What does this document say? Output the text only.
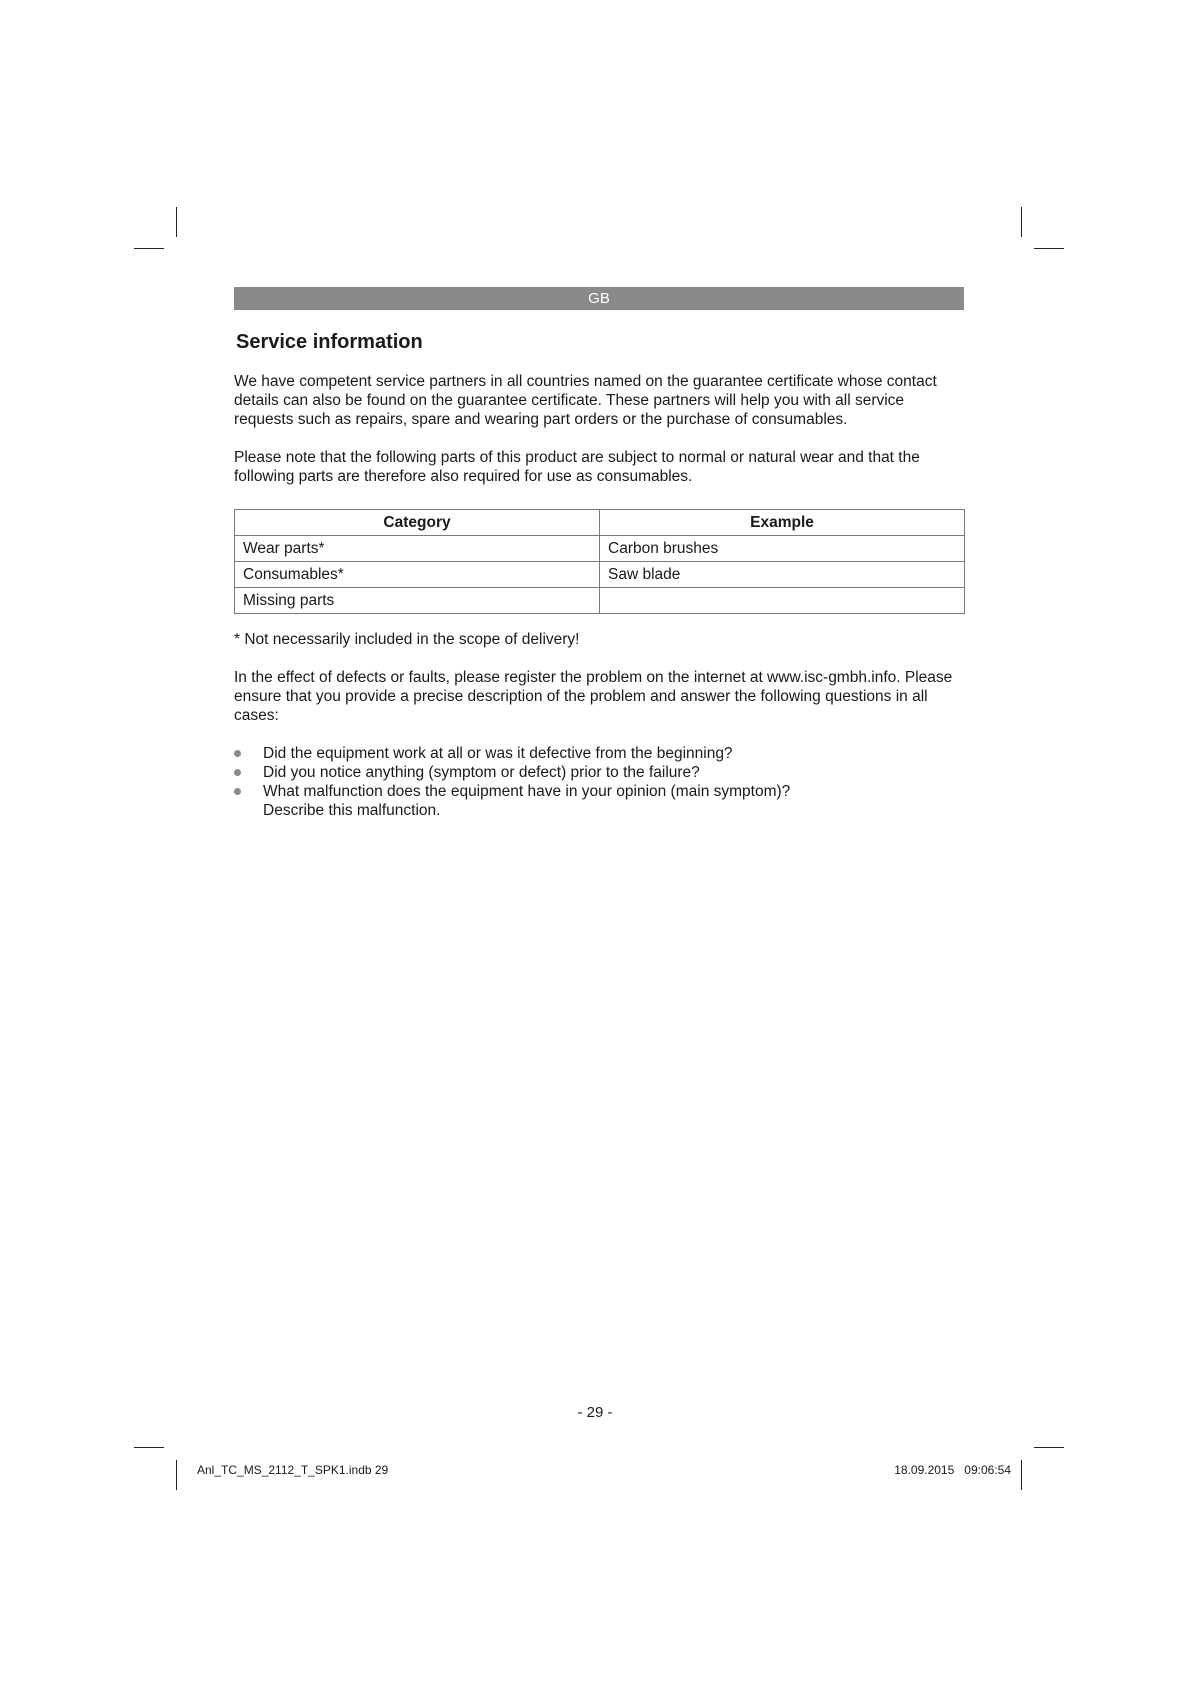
GB
Service information

We have competent service partners in all countries named on the guarantee certificate whose contact details can also be found on the guarantee certificate. These partners will help you with all service requests such as repairs, spare and wearing part orders or the purchase of consumables.

Please note that the following parts of this product are subject to normal or natural wear and that the following parts are therefore also required for use as consumables.

Category	Example
Wear parts*	Carbon brushes
Consumables*	Saw blade
Missing parts	

* Not necessarily included in the scope of delivery!

In the effect of defects or faults, please register the problem on the internet at www.isc-gmbh.info. Please ensure that you provide a precise description of the problem and answer the following questions in all cases:

Did the equipment work at all or was it defective from the beginning?
Did you notice anything (symptom or defect) prior to the failure?
What malfunction does the equipment have in your opinion (main symptom)?
Describe this malfunction.
- 29 -
Anl_TC_MS_2112_T_SPK1.indb 29	18.09.2015   09:06:54
